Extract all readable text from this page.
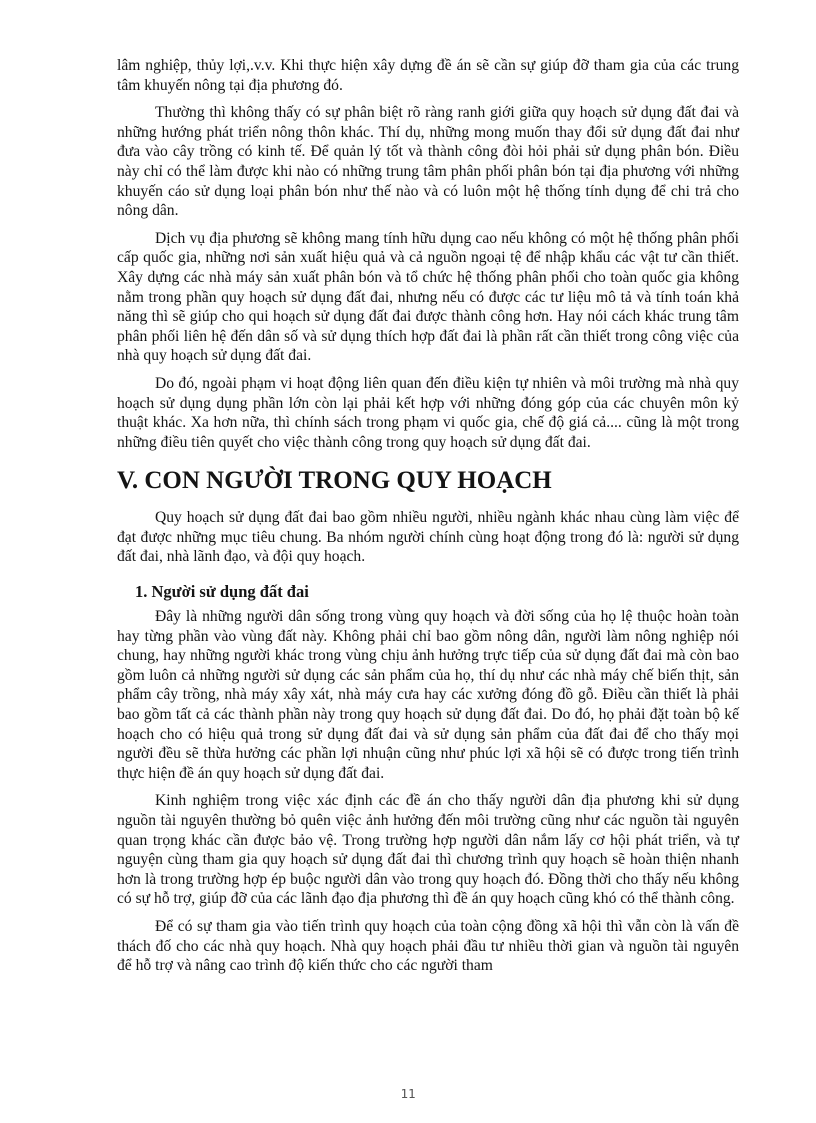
lâm nghiệp, thủy lợi,.v.v. Khi thực hiện xây dựng đề án sẽ cần sự giúp đỡ tham gia của các trung tâm khuyến nông tại địa phương đó.

Thường thì không thấy có sự phân biệt rõ ràng ranh giới giữa quy hoạch sử dụng đất đai và những hướng phát triển nông thôn khác. Thí dụ, những mong muốn thay đổi sử dụng đất đai như đưa vào cây trồng có kinh tế. Để quản lý tốt và thành công đòi hỏi phải sử dụng phân bón. Điều này chỉ có thể làm được khi nào có những trung tâm phân phối phân bón tại địa phương với những khuyến cáo sử dụng loại phân bón như thế nào và có luôn một hệ thống tính dụng để chi trả cho nông dân.

Dịch vụ địa phương sẽ không mang tính hữu dụng cao nếu không có một hệ thống phân phối cấp quốc gia, những nơi sản xuất hiệu quả và cả nguồn ngoại tệ để nhập khẩu các vật tư cần thiết. Xây dựng các nhà máy sản xuất phân bón và tổ chức hệ thống phân phối cho toàn quốc gia không nằm trong phần quy hoạch sử dụng đất đai, nhưng nếu có được các tư liệu mô tả và tính toán khả năng thì sẽ giúp cho qui hoạch sử dụng đất đai được thành công hơn. Hay nói cách khác trung tâm phân phối liên hệ đến dân số và sử dụng thích hợp đất đai là phần rất cần thiết trong công việc của nhà quy hoạch sử dụng đất đai.

Do đó, ngoài phạm vi hoạt động liên quan đến điều kiện tự nhiên và môi trường mà nhà quy hoạch sử dụng dụng phần lớn còn lại phải kết hợp với những đóng góp của các chuyên môn kỷ thuật khác. Xa hơn nữa, thì chính sách trong phạm vi quốc gia, chế độ giá cả.... cũng là một trong những điều tiên quyết cho việc thành công trong quy hoạch sử dụng đất đai.

V. CON NGƯỜI TRONG QUY HOẠCH

Quy hoạch sử dụng đất đai bao gồm nhiều người, nhiều ngành khác nhau cùng làm việc để đạt được những mục tiêu chung. Ba nhóm người chính cùng hoạt động trong đó là: người sử dụng đất đai, nhà lãnh đạo, và đội quy hoạch.

1. Người sử dụng đất đai

Đây là những người dân sống trong vùng quy hoạch và đời sống của họ lệ thuộc hoàn toàn hay từng phần vào vùng đất này. Không phải chỉ bao gồm nông dân, người làm nông nghiệp nói chung, hay những người khác trong vùng chịu ảnh hưởng trực tiếp của sử dụng đất đai mà còn bao gồm luôn cả những người sử dụng các sản phẩm của họ, thí dụ như các nhà máy chế biến thịt, sản phẩm cây trồng, nhà máy xây xát, nhà máy cưa hay các xưởng đóng đồ gỗ. Điều cần thiết là phải bao gồm tất cả các thành phần này trong quy hoạch sử dụng đất đai. Do đó, họ phải đặt toàn bộ kế hoạch cho có hiệu quả trong sử dụng đất đai và sử dụng sản phẩm của đất đai để cho thấy mọi người đều sẽ thừa hưởng các phần lợi nhuận cũng như phúc lợi xã hội sẽ có được trong tiến trình thực hiện đề án quy hoạch sử dụng đất đai.

Kinh nghiệm trong việc xác định các đề án cho thấy người dân địa phương khi sử dụng nguồn tài nguyên thường bỏ quên việc ảnh hưởng đến môi trường cũng như các nguồn tài nguyên quan trọng khác cần được bảo vệ. Trong trường hợp người dân nắm lấy cơ hội phát triển, và tự nguyện cùng tham gia quy hoạch sử dụng đất đai thì chương trình quy hoạch sẽ hoàn thiện nhanh hơn là trong trường hợp ép buộc người dân vào trong quy hoạch đó. Đồng thời cho thấy nếu không có sự hỗ trợ, giúp đỡ của các lãnh đạo địa phương thì đề án quy hoạch cũng khó có thể thành công.

Để có sự tham gia vào tiến trình quy hoạch của toàn cộng đồng xã hội thì vẫn còn là vấn đề thách đố cho các nhà quy hoạch. Nhà quy hoạch phải đầu tư nhiều thời gian và nguồn tài nguyên để hỗ trợ và nâng cao trình độ kiến thức cho các người tham

11
